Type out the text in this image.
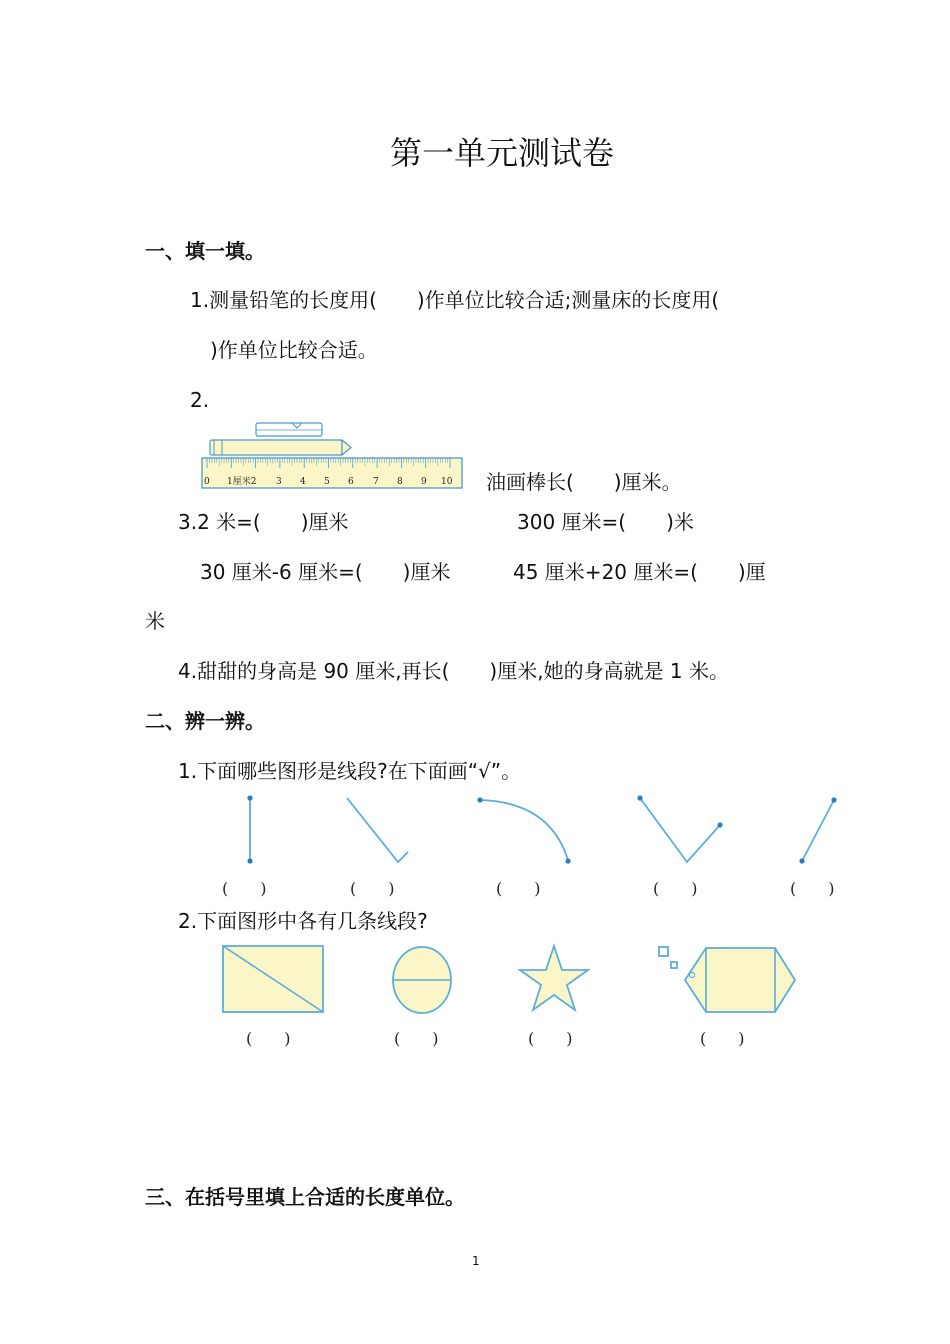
第一单元测试卷
一、填一填。
1.测量铅笔的长度用(　　)作单位比较合适;测量床的长度用(
)作单位比较合适。
2.
0 1厘米2 3 4 5 6 7 8 9 10 油画棒长(　　)厘米。
3.2 米=(　　)厘米	300 厘米=(　　)米
30 厘米-6 厘米=(　　)厘米	45 厘米+20 厘米=(　　)厘
米
4.甜甜的身高是 90 厘米,再长(　　)厘米,她的身高就是 1 米。
二、辨一辨。
1.下面哪些图形是线段?在下面画“√”。
(　　)	(　　)	(　　)	(　　)	(　　)
2.下面图形中各有几条线段?
(　　)	(　　)	(　　)	(　　)
三、在括号里填上合适的长度单位。
1
